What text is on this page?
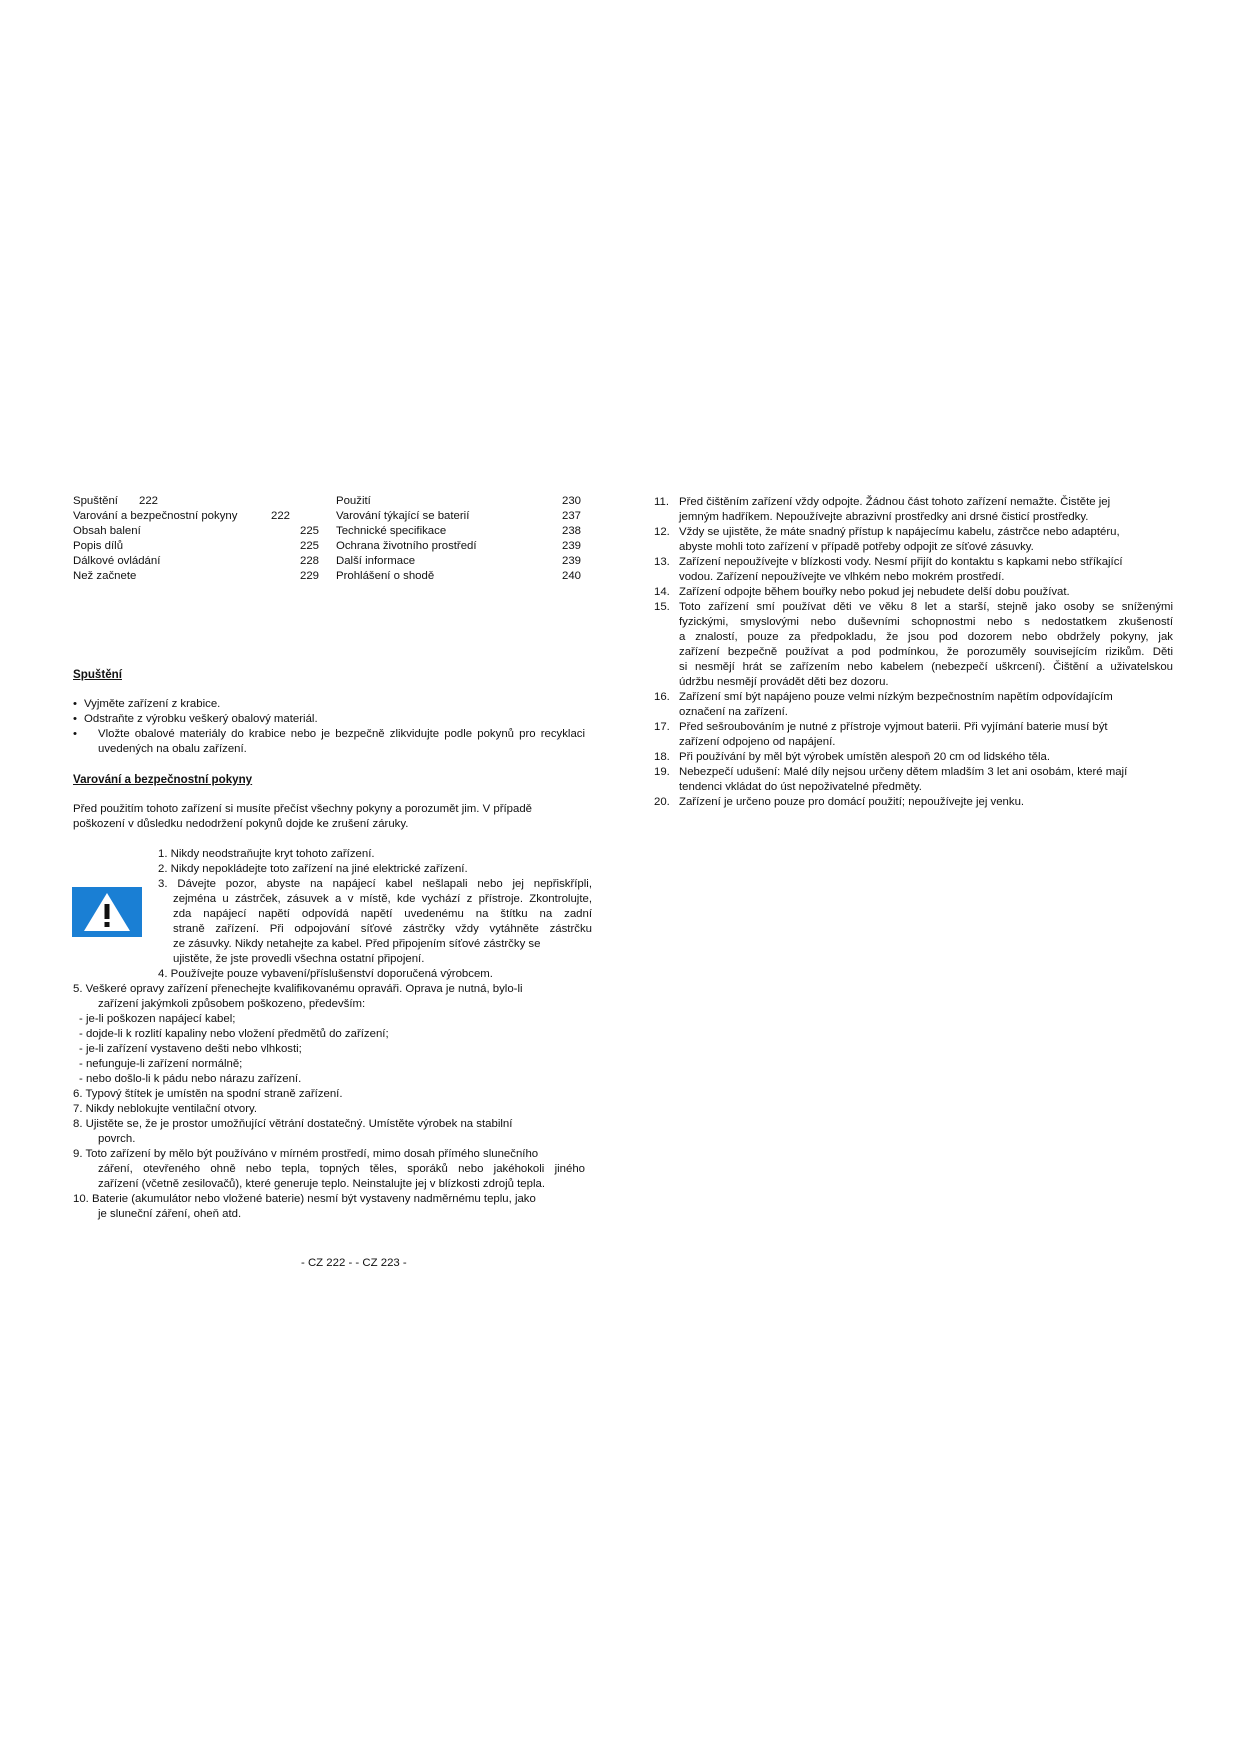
Spuštění	222
Varování a bezpečnostní pokyny	222
Obsah balení	225
Popis dílů	225
Dálkové ovládání	228
Než začnete	229
Použití	230
Varování týkající se baterií	237
Technické specifikace	238
Ochrana životního prostředí	239
Další informace	239
Prohlášení o shodě	240
Spuštění
• Vyjměte zařízení z krabice.
• Odstraňte z výrobku veškerý obalový materiál.
• Vložte obalové materiály do krabice nebo je bezpečně zlikvidujte podle pokynů pro recyklaci uvedených na obalu zařízení.
Varování a bezpečnostní pokyny
Před použitím tohoto zařízení si musíte přečíst všechny pokyny a porozumět jim. V případě poškození v důsledku nedodržení pokynů dojde ke zrušení záruky.
1. Nikdy neodstraňujte kryt tohoto zařízení.
2. Nikdy nepokládejte toto zařízení na jiné elektrické zařízení.
3. Dávejte pozor, abyste na napájecí kabel nešlapali nebo jej nepřiskřípli,
zejména u zástrček, zásuvek a v místě, kde vychází z přístroje. Zkontrolujte,
zda napájecí napětí odpovídá napětí uvedenému na štítku na zadní
straně zařízení. Při odpojování síťové zástrčky vždy vytáhněte zástrčku
ze zásuvky. Nikdy netahejte za kabel. Před připojením síťové zástrčky se
ujistěte, že jste provedli všechna ostatní připojení.
4. Používejte pouze vybavení/příslušenství doporučená výrobcem.
5. Veškeré opravy zařízení přenechejte kvalifikovanému opraváři. Oprava je nutná, bylo-li
zařízení jakýmkoli způsobem poškozeno, především:
- je-li poškozen napájecí kabel;
- dojde-li k rozlití kapaliny nebo vložení předmětů do zařízení;
- je-li zařízení vystaveno dešti nebo vlhkosti;
- nefunguje-li zařízení normálně;
- nebo došlo-li k pádu nebo nárazu zařízení.
6. Typový štítek je umístěn na spodní straně zařízení.
7. Nikdy neblokujte ventilační otvory.
8. Ujistěte se, že je prostor umožňující větrání dostatečný. Umístěte výrobek na stabilní
povrch.
9. Toto zařízení by mělo být používáno v mírném prostředí, mimo dosah přímého slunečního
záření, otevřeného ohně nebo tepla, topných těles, sporáků nebo jakéhokoli jiného
zařízení (včetně zesilovačů), které generuje teplo. Neinstalujte jej v blízkosti zdrojů tepla.
10. Baterie (akumulátor nebo vložené baterie) nesmí být vystaveny nadměrnému teplu, jako
je sluneční záření, oheň atd.
11. Před čištěním zařízení vždy odpojte. Žádnou část tohoto zařízení nemažte. Čistěte jej
jemným hadříkem. Nepoužívejte abrazivní prostředky ani drsné čisticí prostředky.
12. Vždy se ujistěte, že máte snadný přístup k napájecímu kabelu, zástrčce nebo adaptéru,
abyste mohli toto zařízení v případě potřeby odpojit ze síťové zásuvky.
13. Zařízení nepoužívejte v blízkosti vody. Nesmí přijít do kontaktu s kapkami nebo stříkající
vodou. Zařízení nepoužívejte ve vlhkém nebo mokrém prostředí.
14. Zařízení odpojte během bouřky nebo pokud jej nebudete delší dobu používat.
15. Toto zařízení smí používat děti ve věku 8 let a starší, stejně jako osoby se sníženými
fyzickými, smyslovými nebo duševními schopnostmi nebo s nedostatkem zkušeností
a znalostí, pouze za předpokladu, že jsou pod dozorem nebo obdržely pokyny, jak
zařízení bezpečně používat a pod podmínkou, že porozuměly souvisejícím rizikům. Děti
si nesmějí hrát se zařízením nebo kabelem (nebezpečí uškrcení). Čištění a uživatelskou
údržbu nesmějí provádět děti bez dozoru.
16. Zařízení smí být napájeno pouze velmi nízkým bezpečnostním napětím odpovídajícím
označení na zařízení.
17. Před sešroubováním je nutné z přístroje vyjmout baterii. Při vyjímání baterie musí být
zařízení odpojeno od napájení.
18. Při používání by měl být výrobek umístěn alespoň 20 cm od lidského těla.
19. Nebezpečí udušení: Malé díly nejsou určeny dětem mladším 3 let ani osobám, které mají
tendenci vkládat do úst nepoživatelné předměty.
20. Zařízení je určeno pouze pro domácí použití; nepoužívejte jej venku.
- CZ 222 - - CZ 223 -
